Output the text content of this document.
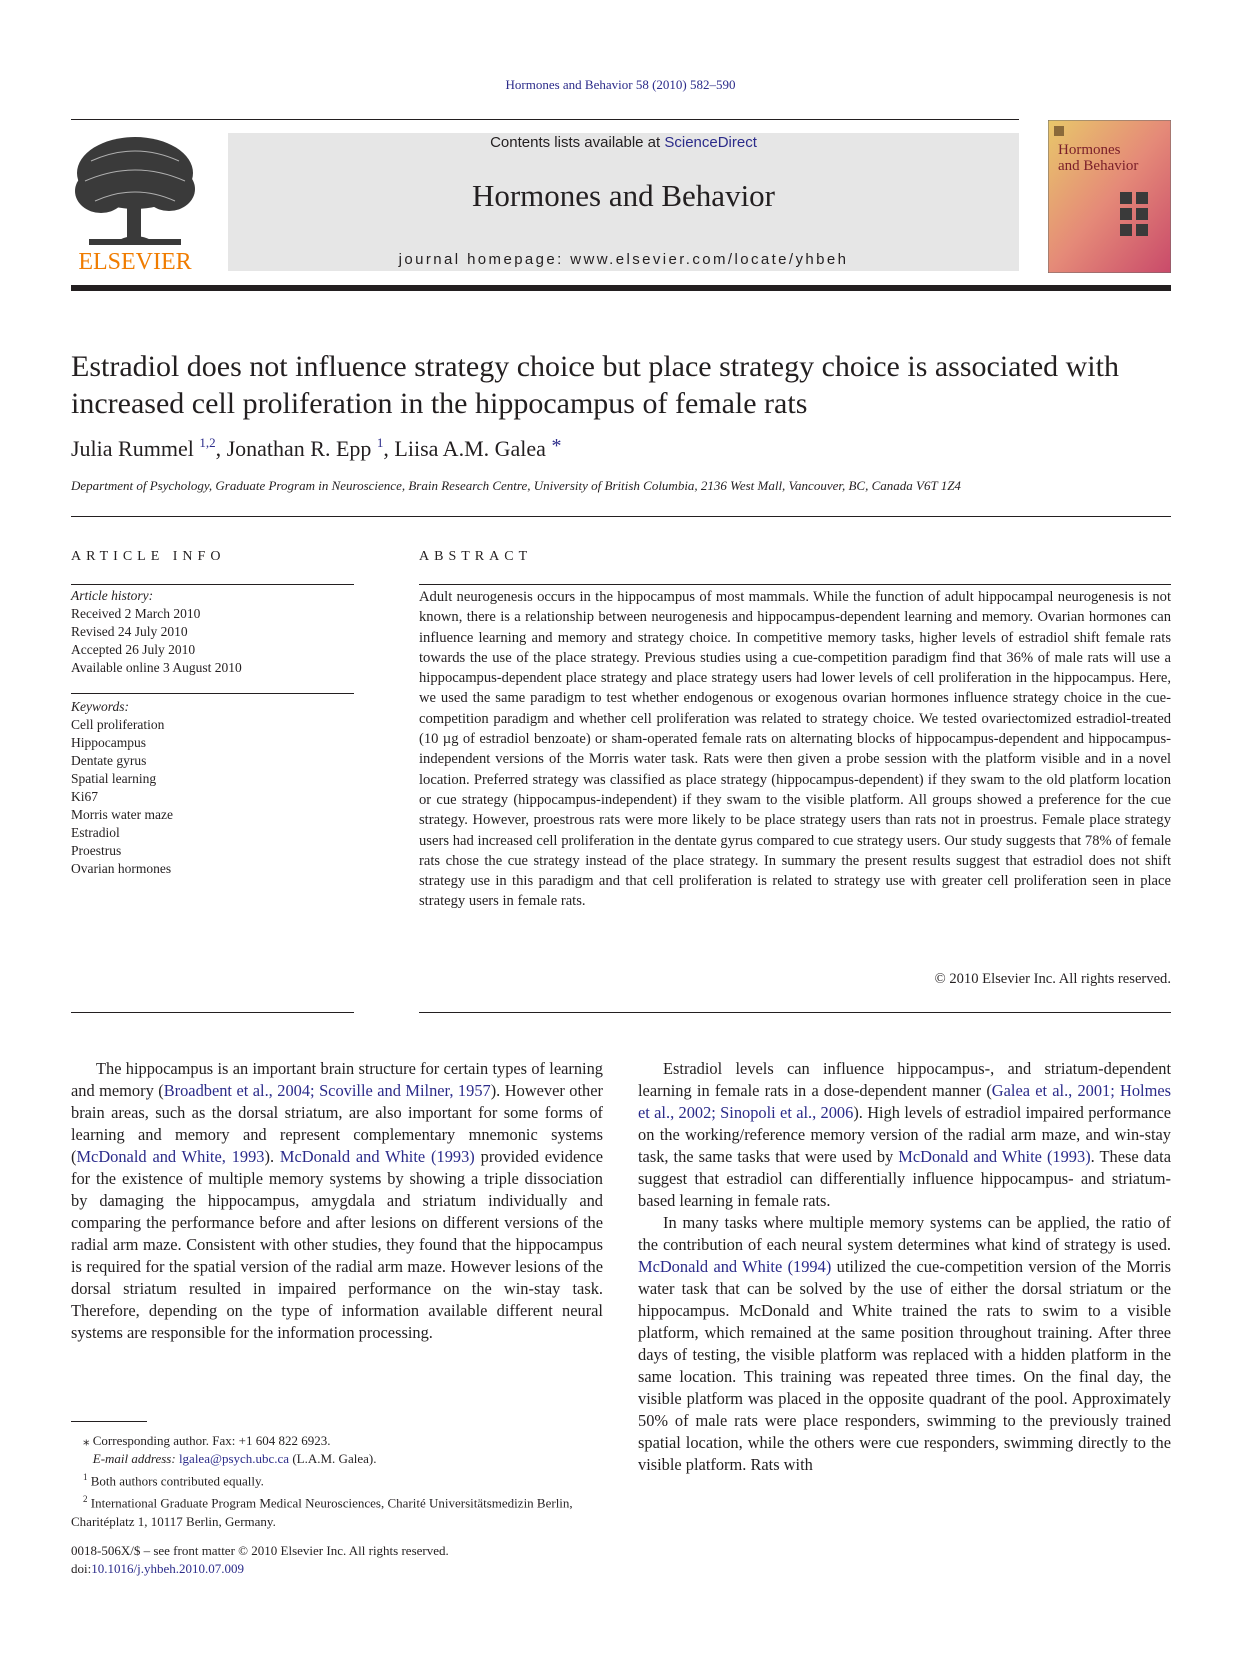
Hormones and Behavior 58 (2010) 582–590
ELSEVIER
Contents lists available at ScienceDirect
Hormones and Behavior
journal homepage: www.elsevier.com/locate/yhbeh
Hormones
and Behavior
Estradiol does not influence strategy choice but place strategy choice is associated with increased cell proliferation in the hippocampus of female rats
Julia Rummel $^{1,2}$, Jonathan R. Epp $^1$, Liisa A.M. Galea *
Department of Psychology, Graduate Program in Neuroscience, Brain Research Centre, University of British Columbia, 2136 West Mall, Vancouver, BC, Canada V6T 1Z4
ARTICLE INFO
Article history:
Received 2 March 2010
Revised 24 July 2010
Accepted 26 July 2010
Available online 3 August 2010
Keywords:
Cell proliferation
Hippocampus
Dentate gyrus
Spatial learning
Ki67
Morris water maze
Estradiol
Proestrus
Ovarian hormones
ABSTRACT
Adult neurogenesis occurs in the hippocampus of most mammals. While the function of adult hippocampal neurogenesis is not known, there is a relationship between neurogenesis and hippocampus-dependent learning and memory. Ovarian hormones can influence learning and memory and strategy choice. In competitive memory tasks, higher levels of estradiol shift female rats towards the use of the place strategy. Previous studies using a cue-competition paradigm find that 36% of male rats will use a hippocampus-dependent place strategy and place strategy users had lower levels of cell proliferation in the hippocampus. Here, we used the same paradigm to test whether endogenous or exogenous ovarian hormones influence strategy choice in the cue-competition paradigm and whether cell proliferation was related to strategy choice. We tested ovariectomized estradiol-treated (10 µg of estradiol benzoate) or sham-operated female rats on alternating blocks of hippocampus-dependent and hippocampus-independent versions of the Morris water task. Rats were then given a probe session with the platform visible and in a novel location. Preferred strategy was classified as place strategy (hippocampus-dependent) if they swam to the old platform location or cue strategy (hippocampus-independent) if they swam to the visible platform. All groups showed a preference for the cue strategy. However, proestrous rats were more likely to be place strategy users than rats not in proestrus. Female place strategy users had increased cell proliferation in the dentate gyrus compared to cue strategy users. Our study suggests that 78% of female rats chose the cue strategy instead of the place strategy. In summary the present results suggest that estradiol does not shift strategy use in this paradigm and that cell proliferation is related to strategy use with greater cell proliferation seen in place strategy users in female rats.
© 2010 Elsevier Inc. All rights reserved.

The hippocampus is an important brain structure for certain types of learning and memory (Broadbent et al., 2004; Scoville and Milner, 1957). However other brain areas, such as the dorsal striatum, are also important for some forms of learning and memory and represent complementary mnemonic systems (McDonald and White, 1993). McDonald and White (1993) provided evidence for the existence of multiple memory systems by showing a triple dissociation by damaging the hippocampus, amygdala and striatum individually and comparing the performance before and after lesions on different versions of the radial arm maze. Consistent with other studies, they found that the hippocampus is required for the spatial version of the radial arm maze. However lesions of the dorsal striatum resulted in impaired performance on the win-stay task. Therefore, depending on the type of information available different neural systems are responsible for the information processing.

Estradiol levels can influence hippocampus-, and striatum-dependent learning in female rats in a dose-dependent manner (Galea et al., 2001; Holmes et al., 2002; Sinopoli et al., 2006). High levels of estradiol impaired performance on the working/reference memory version of the radial arm maze, and win-stay task, the same tasks that were used by McDonald and White (1993). These data suggest that estradiol can differentially influence hippocampus- and striatum-based learning in female rats.

In many tasks where multiple memory systems can be applied, the ratio of the contribution of each neural system determines what kind of strategy is used. McDonald and White (1994) utilized the cue-competition version of the Morris water task that can be solved by the use of either the dorsal striatum or the hippocampus. McDonald and White trained the rats to swim to a visible platform, which remained at the same position throughout training. After three days of testing, the visible platform was replaced with a hidden platform in the same location. This training was repeated three times. On the final day, the visible platform was placed in the opposite quadrant of the pool. Approximately 50% of male rats were place responders, swimming to the previously trained spatial location, while the others were cue responders, swimming directly to the visible platform. Rats with

⁎ Corresponding author. Fax: +1 604 822 6923.
E-mail address: lgalea@psych.ubc.ca (L.A.M. Galea).
$^1$ Both authors contributed equally.
$^2$ International Graduate Program Medical Neurosciences, Charité Universitätsmedizin Berlin, Charitéplatz 1, 10117 Berlin, Germany.
0018-506X/$ – see front matter © 2010 Elsevier Inc. All rights reserved.
doi:10.1016/j.yhbeh.2010.07.009
